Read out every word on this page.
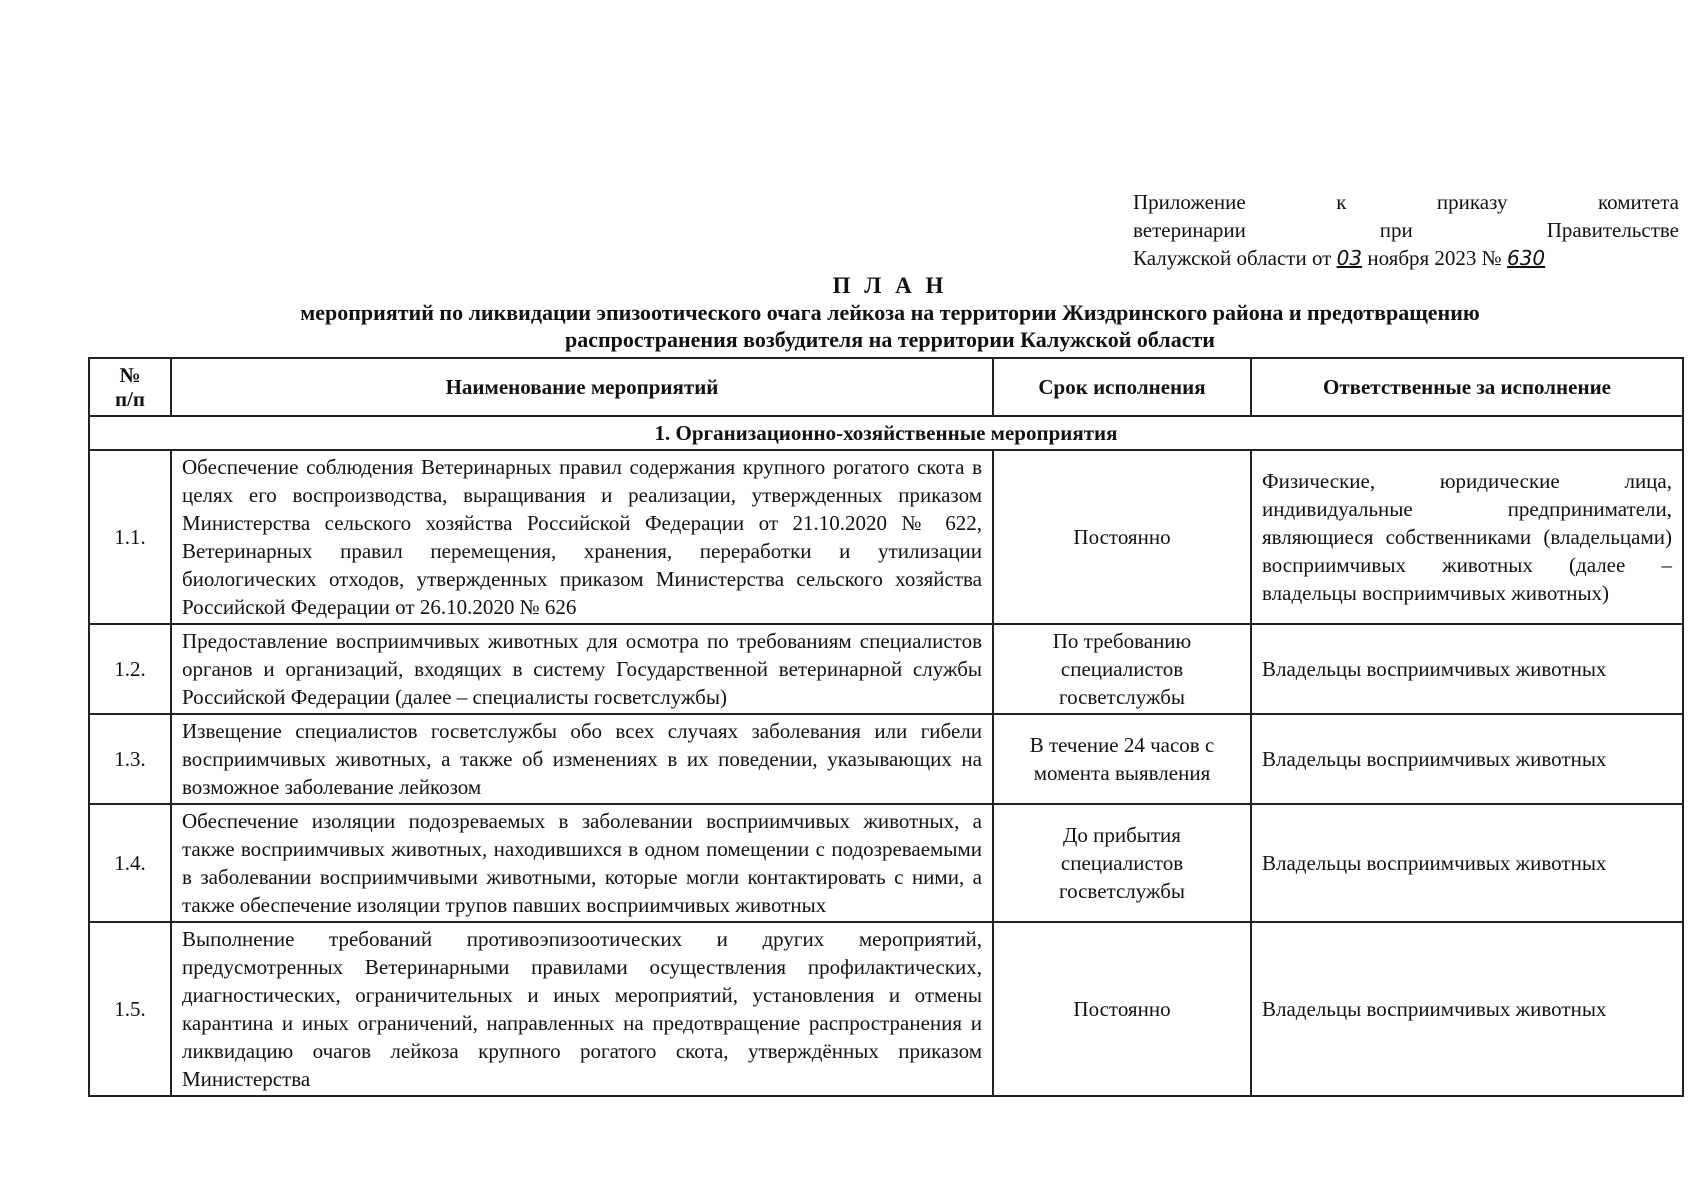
Приложение к приказу комитета
ветеринарии при Правительстве
Калужской области от 03 ноября 2023 № 630
П Л А Н
мероприятий по ликвидации эпизоотического очага лейкоза на территории Жиздринского района и предотвращению
распространения возбудителя на территории Калужской области
№
п/п	Наименование мероприятий	Срок исполнения	Ответственные за исполнение
1. Организационно-хозяйственные мероприятия			
1.1.	Обеспечение соблюдения Ветеринарных правил содержания крупного рогатого скота в целях его воспроизводства, выращивания и реализации, утвержденных приказом Министерства сельского хозяйства Российской Федерации от 21.10.2020 № 622, Ветеринарных правил перемещения, хранения, переработки и утилизации биологических отходов, утвержденных приказом Министерства сельского хозяйства Российской Федерации от 26.10.2020 № 626	Постоянно	Физические, юридические лица, индивидуальные предприниматели, являющиеся собственниками (владельцами) восприимчивых животных (далее – владельцы восприимчивых животных)
1.2.	Предоставление восприимчивых животных для осмотра по требованиям специалистов органов и организаций, входящих в систему Государственной ветеринарной службы Российской Федерации (далее – специалисты госветслужбы)	По требованию специалистов госветслужбы	Владельцы восприимчивых животных
1.3.	Извещение специалистов госветслужбы обо всех случаях заболевания или гибели восприимчивых животных, а также об изменениях в их поведении, указывающих на возможное заболевание лейкозом	В течение 24 часов с момента выявления	Владельцы восприимчивых животных
1.4.	Обеспечение изоляции подозреваемых в заболевании восприимчивых животных, а также восприимчивых животных, находившихся в одном помещении с подозреваемыми в заболевании восприимчивыми животными, которые могли контактировать с ними, а также обеспечение изоляции трупов павших восприимчивых животных	До прибытия специалистов госветслужбы	Владельцы восприимчивых животных
1.5.	Выполнение требований противоэпизоотических и других мероприятий, предусмотренных Ветеринарными правилами осуществления профилактических, диагностических, ограничительных и иных мероприятий, установления и отмены карантина и иных ограничений, направленных на предотвращение распространения и ликвидацию очагов лейкоза крупного рогатого скота, утверждённых приказом Министерства	Постоянно	Владельцы восприимчивых животных
